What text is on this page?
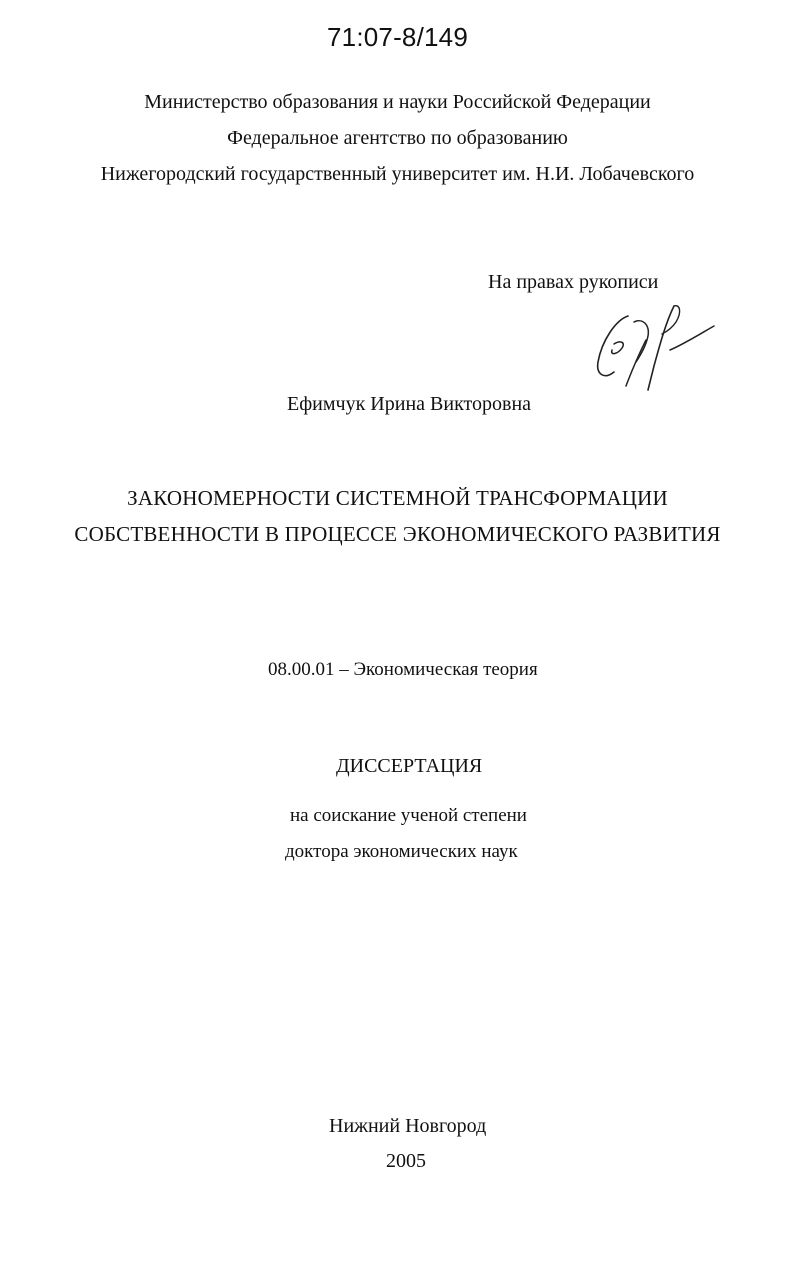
71:07-8/149
Министерство образования и науки Российской Федерации
Федеральное агентство по образованию
Нижегородский государственный университет им. Н.И. Лобачевского
На правах рукописи
Ефимчук Ирина Викторовна
ЗАКОНОМЕРНОСТИ СИСТЕМНОЙ ТРАНСФОРМАЦИИ
СОБСТВЕННОСТИ В ПРОЦЕССЕ ЭКОНОМИЧЕСКОГО РАЗВИТИЯ
08.00.01 – Экономическая теория
ДИССЕРТАЦИЯ
на соискание ученой степени
доктора экономических наук
Нижний Новгород
2005
